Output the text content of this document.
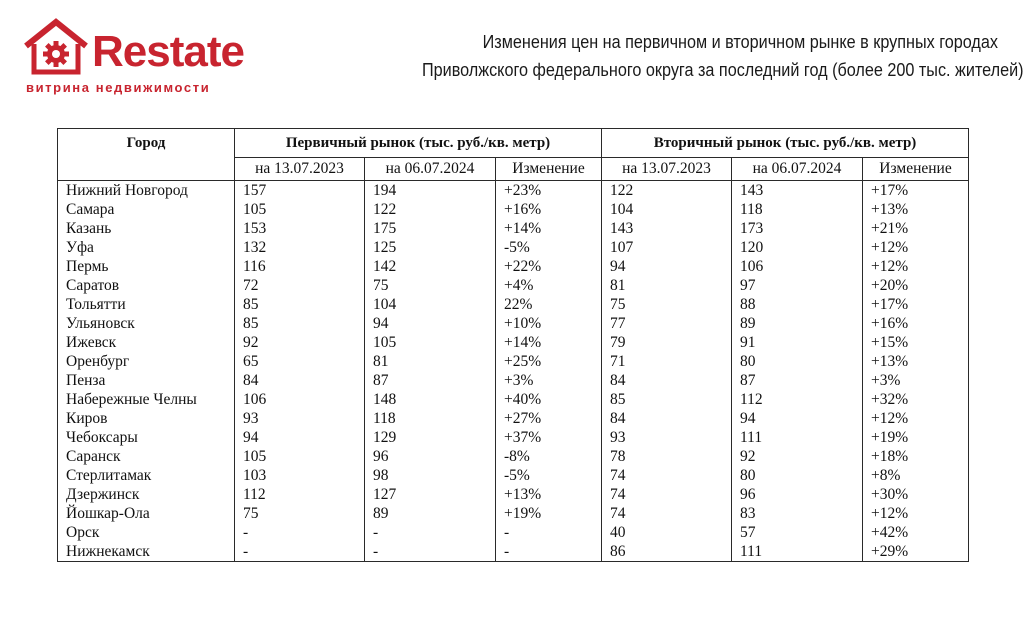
Restate
витрина недвижимости
Изменения цен на первичном и вторичном рынке в крупных городах
Приволжского федерального округа за последний год (более 200 тыс. жителей)
Город	Первичный рынок (тыс. руб./кв. метр)			Вторичный рынок (тыс. руб./кв. метр)		
	на 13.07.2023	на 06.07.2024	Изменение	на 13.07.2023	на 06.07.2024	Изменение
Нижний Новгород	157	194	+23%	122	143	+17%
Самара	105	122	+16%	104	118	+13%
Казань	153	175	+14%	143	173	+21%
Уфа	132	125	-5%	107	120	+12%
Пермь	116	142	+22%	94	106	+12%
Саратов	72	75	+4%	81	97	+20%
Тольятти	85	104	22%	75	88	+17%
Ульяновск	85	94	+10%	77	89	+16%
Ижевск	92	105	+14%	79	91	+15%
Оренбург	65	81	+25%	71	80	+13%
Пенза	84	87	+3%	84	87	+3%
Набережные Челны	106	148	+40%	85	112	+32%
Киров	93	118	+27%	84	94	+12%
Чебоксары	94	129	+37%	93	111	+19%
Саранск	105	96	-8%	78	92	+18%
Стерлитамак	103	98	-5%	74	80	+8%
Дзержинск	112	127	+13%	74	96	+30%
Йошкар-Ола	75	89	+19%	74	83	+12%
Орск	-	-	-	40	57	+42%
Нижнекамск	-	-	-	86	111	+29%
